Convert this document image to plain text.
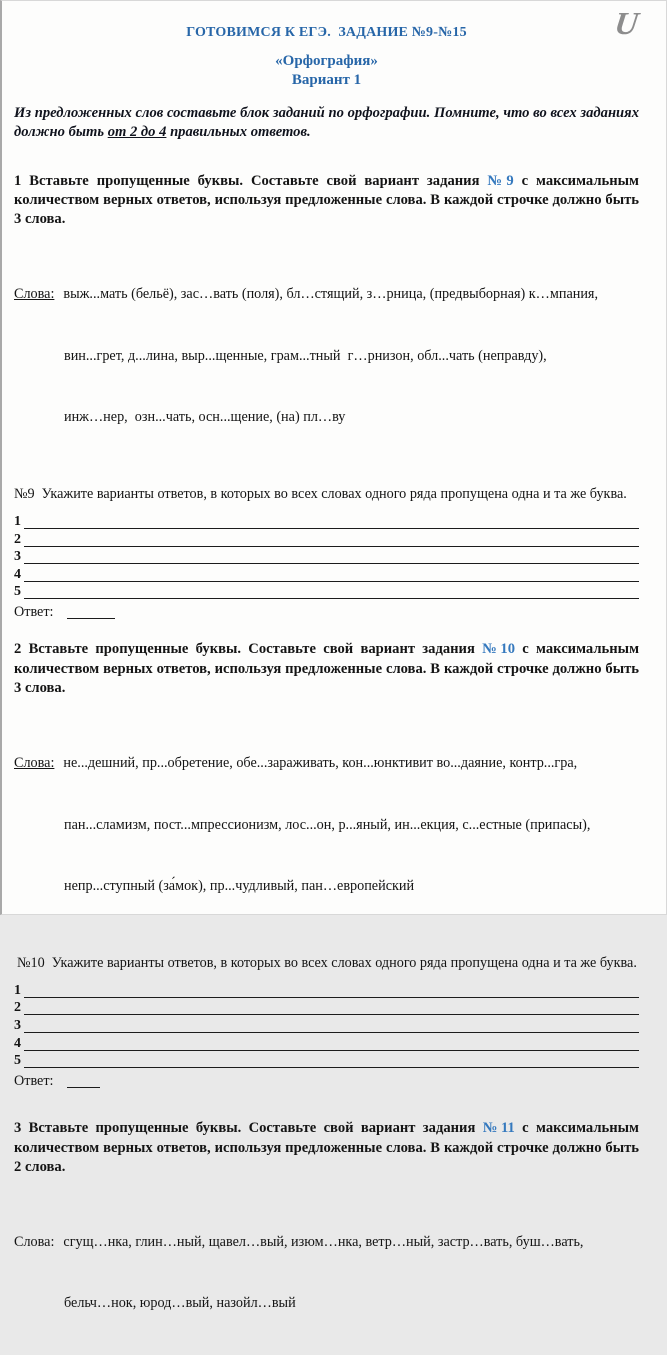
U
ГОТОВИМСЯ К ЕГЭ.  ЗАДАНИЕ №9-№15
«Орфография»
Вариант 1
Из предложенных слов составьте блок заданий по орфографии. Помните, что во всех заданиях должно быть от 2 до 4 правильных ответов.
1 Вставьте пропущенные буквы. Составьте свой вариант задания №9 с максимальным количеством верных ответов, используя предложенные слова. В каждой строчке должно быть 3 слова.

Слова: выж...мать (бельё), зас…вать (поля), бл…стящий, з…рница, (предвыборная) к…мпания,

вин...грет, д...лина, выр...щенные, грам...тный  г…рнизон, обл...чать (неправду),

инж…нер,  озн...чать, осн...щение, (на) пл…ву

№9 Укажите варианты ответов, в которых во всех словах одного ряда пропущена одна и та же буква.
1
2
3
4
5
Ответ:
2 Вставьте пропущенные буквы. Составьте свой вариант задания №10 с максимальным количеством верных ответов, используя предложенные слова. В каждой строчке должно быть 3 слова.

Слова: не...дешний, пр...обретение, обе...зараживать, кон...юнктивит во...даяние, контр...гра,

пан...сламизм, пост...мпрессионизм, лос...он, р...яный, ин...екция, с...естные (припасы),

непр...ступный (за́мок), пр...чудливый, пан…европейский

№10 Укажите варианты ответов, в которых во всех словах одного ряда пропущена одна и та же буква.
1
2
3
4
5
Ответ:
3 Вставьте пропущенные буквы. Составьте свой вариант задания №11 с максимальным количеством верных ответов, используя предложенные слова. В каждой строчке должно быть 2 слова.

Слова: сгущ…нка, глин…ный, щавел…вый, изюм…нка, ветр…ный, застр…вать, буш…вать,

бельч…нок, юрод…вый, назойл…вый
